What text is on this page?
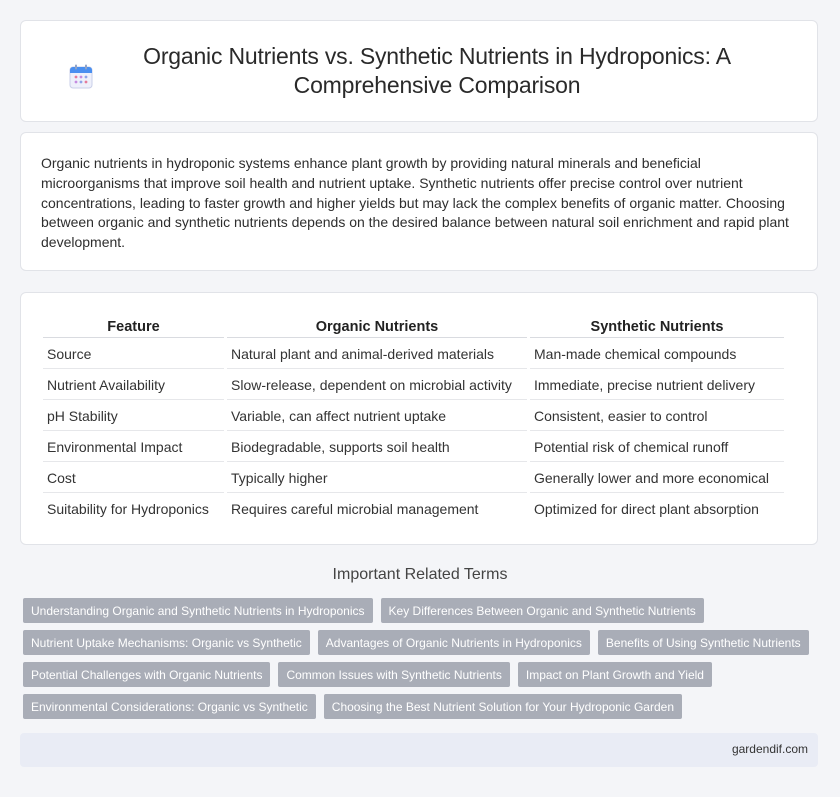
Organic Nutrients vs. Synthetic Nutrients in Hydroponics: A Comprehensive Comparison

Organic nutrients in hydroponic systems enhance plant growth by providing natural minerals and beneficial microorganisms that improve soil health and nutrient uptake. Synthetic nutrients offer precise control over nutrient concentrations, leading to faster growth and higher yields but may lack the complex benefits of organic matter. Choosing between organic and synthetic nutrients depends on the desired balance between natural soil enrichment and rapid plant development.

Feature	Organic Nutrients	Synthetic Nutrients
Source	Natural plant and animal-derived materials	Man-made chemical compounds
Nutrient Availability	Slow-release, dependent on microbial activity	Immediate, precise nutrient delivery
pH Stability	Variable, can affect nutrient uptake	Consistent, easier to control
Environmental Impact	Biodegradable, supports soil health	Potential risk of chemical runoff
Cost	Typically higher	Generally lower and more economical
Suitability for Hydroponics	Requires careful microbial management	Optimized for direct plant absorption
Important Related Terms
Understanding Organic and Synthetic Nutrients in Hydroponics	Key Differences Between Organic and Synthetic Nutrients
Nutrient Uptake Mechanisms: Organic vs Synthetic	Advantages of Organic Nutrients in Hydroponics	Benefits of Using Synthetic Nutrients
Potential Challenges with Organic Nutrients	Common Issues with Synthetic Nutrients	Impact on Plant Growth and Yield
Environmental Considerations: Organic vs Synthetic	Choosing the Best Nutrient Solution for Your Hydroponic Garden
gardendif.com
